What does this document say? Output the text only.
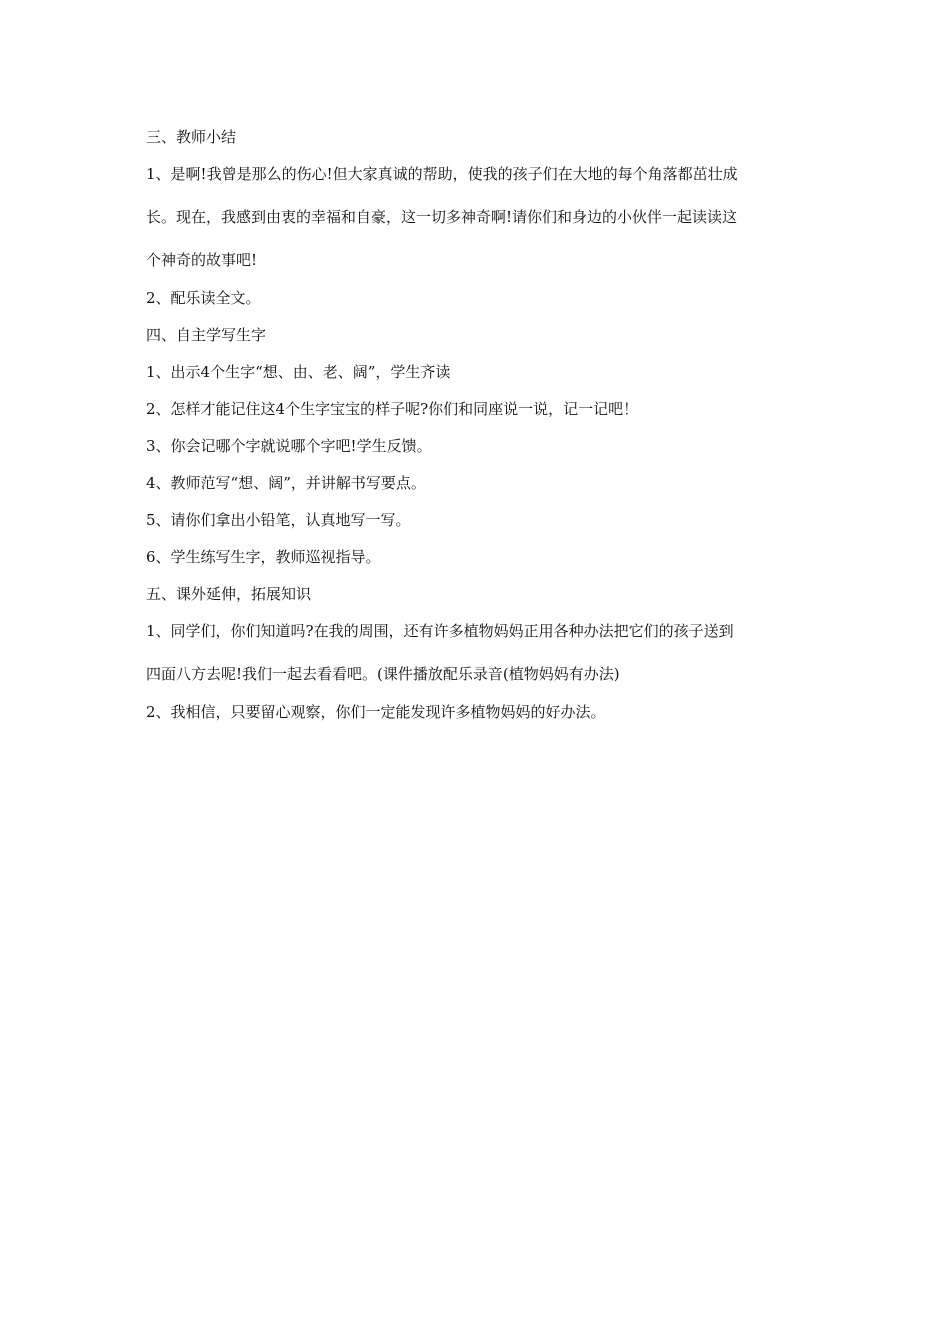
三、教师小结

1、是啊!我曾是那么的伤心!但大家真诚的帮助，使我的孩子们在大地的每个角落都茁壮成

长。现在，我感到由衷的幸福和自豪，这一切多神奇啊!请你们和身边的小伙伴一起读读这

个神奇的故事吧!

2、配乐读全文。

四、自主学写生字

1、出示4个生字“想、由、老、阔”，学生齐读

2、怎样才能记住这4个生字宝宝的样子呢?你们和同座说一说，记一记吧！

3、你会记哪个字就说哪个字吧!学生反馈。

4、教师范写“想、阔”，并讲解书写要点。

5、请你们拿出小铅笔，认真地写一写。

6、学生练写生字，教师巡视指导。

五、课外延伸，拓展知识

1、同学们，你们知道吗?在我的周围，还有许多植物妈妈正用各种办法把它们的孩子送到

四面八方去呢!我们一起去看看吧。(课件播放配乐录音(植物妈妈有办法)

2、我相信，只要留心观察，你们一定能发现许多植物妈妈的好办法。
